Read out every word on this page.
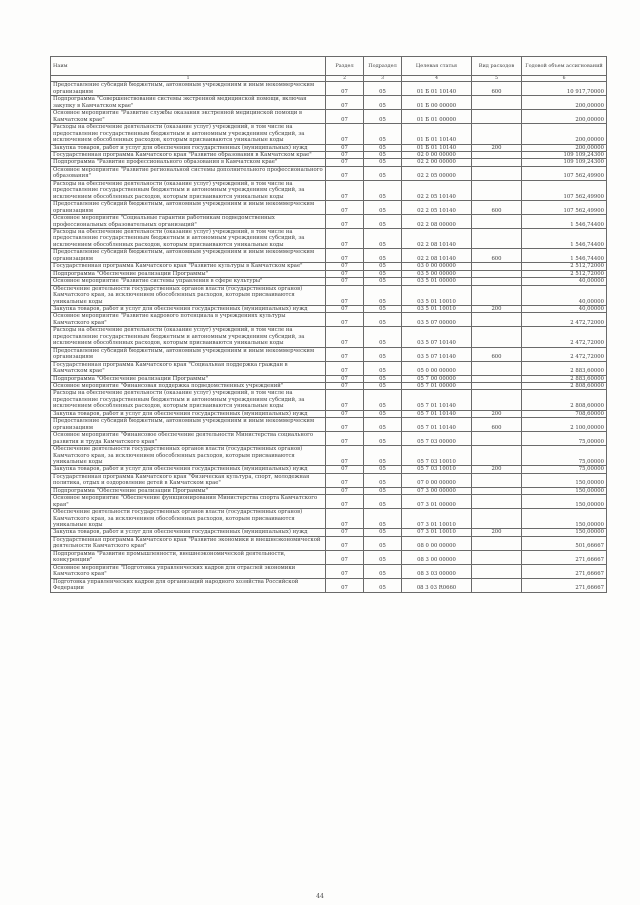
Наим	Раздел	Подраздел	Целевая статья	Вид расходов	Годовой объем ассигнований
1	2	3	4	5	6
Предоставление субсидий бюджетным, автономным учреждениям и иным некоммерческим организациям	07	05	01 Б 01 10140	600	10 917,70000
Подпрограмма "Совершенствование системы экстренной медицинской помощи, включая закупку в Камчатском крае"	07	05	01 Б 00 00000		200,00000
Основное мероприятие "Развитие службы оказания экстренной медицинской помощи в Камчатском крае"	07	05	01 Б 01 00000		200,00000
Расходы на обеспечение деятельности (оказание услуг) учреждений, в том числе на предоставление государственным бюджетным и автономным учреждениям субсидий, за исключением обособленных расходов, которым присваиваются уникальные коды	07	05	01 Б 01 10140		200,00000
Закупка товаров, работ и услуг для обеспечения государственных (муниципальных) нужд	07	05	01 Б 01 10140	200	200,00000
Государственная программа Камчатского края "Развитие образования в Камчатском крае"	07	05	02 0 00 00000		109 109,24300
Подпрограмма "Развитие профессионального образования в Камчатском крае"	07	05	02 2 00 00000		109 109,24300
Основное мероприятие "Развитие региональной системы дополнительного профессионального образования"	07	05	02 2 05 00000		107 562,49900
Расходы на обеспечение деятельности (оказание услуг) учреждений, в том числе на предоставление государственным бюджетным и автономным учреждениям субсидий, за исключением обособленных расходов, которым присваиваются уникальные коды	07	05	02 2 05 10140		107 562,49900
Предоставление субсидий бюджетным, автономным учреждениям и иным некоммерческим организациям	07	05	02 2 05 10140	600	107 562,49900
Основное мероприятие "Социальные гарантии работникам подведомственных профессиональных образовательных организаций"	07	05	02 2 08 00000		1 546,74400
Расходы на обеспечение деятельности (оказание услуг) учреждений, в том числе на предоставление государственным бюджетным и автономным учреждениям субсидий, за исключением обособленных расходов, которым присваиваются уникальные коды	07	05	02 2 08 10140		1 546,74400
Предоставление субсидий бюджетным, автономным учреждениям и иным некоммерческим организациям	07	05	02 2 08 10140	600	1 546,74400
Государственная программа Камчатского края "Развитие культуры в Камчатском крае"	07	05	03 0 00 00000		2 512,72000
Подпрограмма "Обеспечение реализации Программы"	07	05	03 5 00 00000		2 512,72000
Основное мероприятие "Развитие системы управления в сфере культуры"	07	05	03 5 01 00000		40,00000
Обеспечение деятельности государственных органов власти (государственных органов) Камчатского края, за исключением обособленных расходов, которым присваиваются уникальные коды	07	05	03 5 01 10010		40,00000
Закупка товаров, работ и услуг для обеспечения государственных (муниципальных) нужд	07	05	03 5 01 10010	200	40,00000
Основное мероприятие "Развитие кадрового потенциала в учреждениях культуры Камчатского края"	07	05	03 5 07 00000		2 472,72000
Расходы на обеспечение деятельности (оказание услуг) учреждений, в том числе на предоставление государственным бюджетным и автономным учреждениям субсидий, за исключением обособленных расходов, которым присваиваются уникальные коды	07	05	03 5 07 10140		2 472,72000
Предоставление субсидий бюджетным, автономным учреждениям и иным некоммерческим организациям	07	05	03 5 07 10140	600	2 472,72000
Государственная программа Камчатского края "Социальная поддержка граждан в Камчатском крае"	07	05	05 0 00 00000		2 883,60000
Подпрограмма "Обеспечение реализации Программы"	07	05	05 7 00 00000		2 883,60000
Основное мероприятие "Финансовая поддержка подведомственных учреждений"	07	05	05 7 01 00000		2 808,60000
Расходы на обеспечение деятельности (оказание услуг) учреждений, в том числе на предоставление государственным бюджетным и автономным учреждениям субсидий, за исключением обособленных расходов, которым присваиваются уникальные коды	07	05	05 7 01 10140		2 808,60000
Закупка товаров, работ и услуг для обеспечения государственных (муниципальных) нужд	07	05	05 7 01 10140	200	708,60000
Предоставление субсидий бюджетным, автономным учреждениям и иным некоммерческим организациям	07	05	05 7 01 10140	600	2 100,00000
Основное мероприятие "Финансовое обеспечение деятельности Министерства социального развития и труда Камчатского края"	07	05	05 7 03 00000		75,00000
Обеспечение деятельности государственных органов власти (государственных органов) Камчатского края, за исключением обособленных расходов, которым присваиваются уникальные коды	07	05	05 7 03 10010		75,00000
Закупка товаров, работ и услуг для обеспечения государственных (муниципальных) нужд	07	05	05 7 03 10010	200	75,00000
Государственная программа Камчатского края "Физическая культура, спорт, молодежная политика, отдых и оздоровление детей в Камчатском крае"	07	05	07 0 00 00000		150,00000
Подпрограмма "Обеспечение реализации Программы"	07	05	07 3 00 00000		150,00000
Основное мероприятие "Обеспечение функционирования Министерства спорта Камчатского края"	07	05	07 3 01 00000		150,00000
Обеспечение деятельности государственных органов власти (государственных органов) Камчатского края, за исключением обособленных расходов, которым присваиваются уникальные коды	07	05	07 3 01 10010		150,00000
Закупка товаров, работ и услуг для обеспечения государственных (муниципальных) нужд	07	05	07 3 01 10010	200	150,00000
Государственная программа Камчатского края "Развитие экономики и внешнеэкономической деятельности Камчатского края"	07	05	08 0 00 00000		501,66667
Подпрограмма "Развитие промышленности, внешнеэкономической деятельности, конкуренции"	07	05	08 3 00 00000		271,66667
Основное мероприятие "Подготовка управленческих кадров для отраслей экономики Камчатского края"	07	05	08 3 03 00000		271,66667
Подготовка управленческих кадров для организаций народного хозяйства Российской Федерации	07	05	08 3 03 R0660		271,66667
44
